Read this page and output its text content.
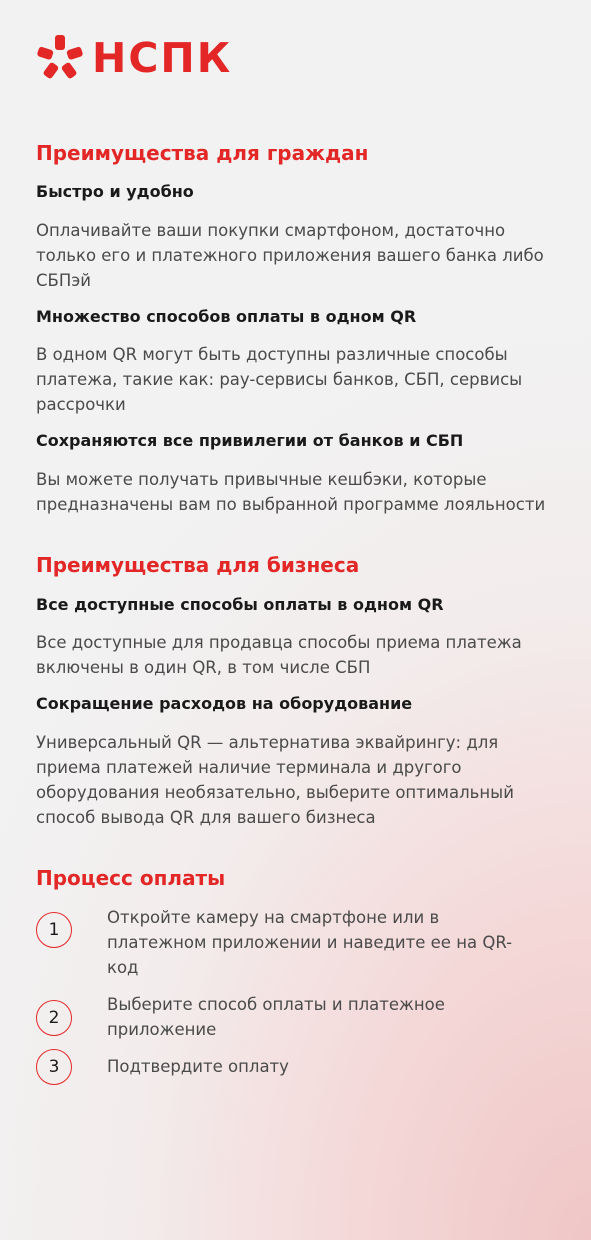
НСПК
Преимущества для граждан
Быстро и удобно

Оплачивайте ваши покупки смартфоном, достаточно только его и платежного приложения вашего банка либо СБПэй

Множество способов оплаты в одном QR

В одном QR могут быть доступны различные способы платежа, такие как: pay-сервисы банков, СБП, сервисы рассрочки

Сохраняются все привилегии от банков и СБП

Вы можете получать привычные кешбэки, которые предназначены вам по выбранной программе лояльности

Преимущества для бизнеса
Все доступные способы оплаты в одном QR

Все доступные для продавца способы приема платежа включены в один QR, в том числе СБП

Сокращение расходов на оборудование

Универсальный QR — альтернатива эквайрингу: для приема платежей наличие терминала и другого оборудования необязательно, выберите оптимальный способ вывода QR для вашего бизнеса

Процесс оплаты
1
Откройте камеру на смартфоне или в платежном приложении и наведите ее на QR-код
2
Выберите способ оплаты и платежное приложение
3	Подтвердите оплату
